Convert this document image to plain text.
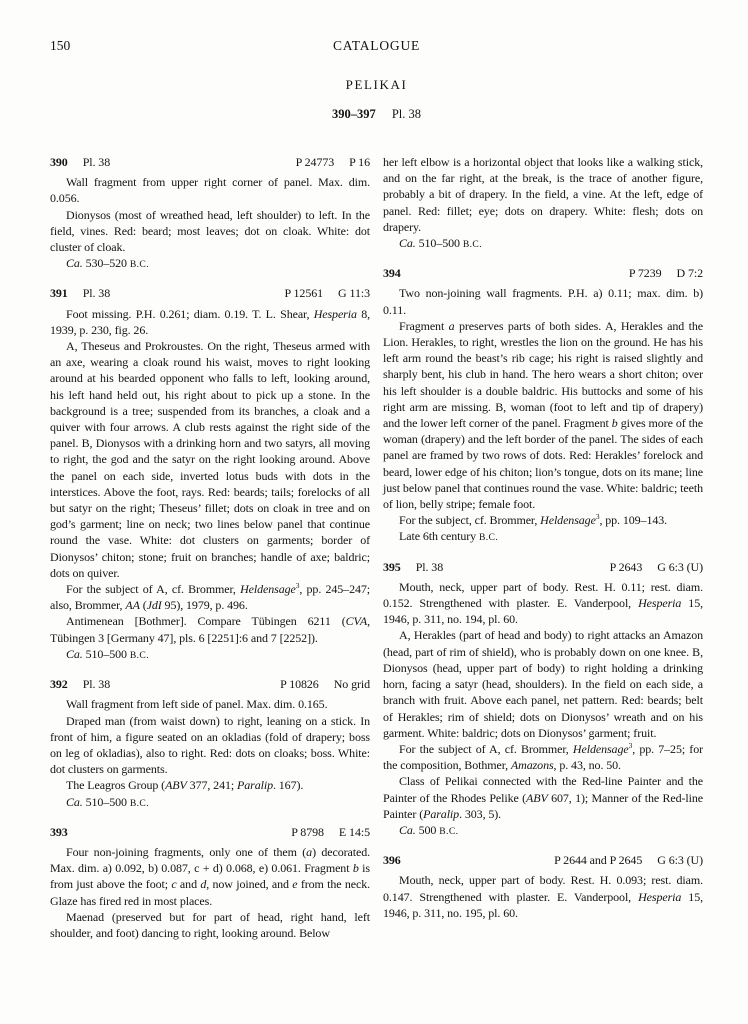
150	CATALOGUE
PELIKAI
390–397 Pl. 38
390 Pl. 38	P 24773 P 16

Wall fragment from upper right corner of panel. Max. dim. 0.056.

Dionysos (most of wreathed head, left shoulder) to left. In the field, vines. Red: beard; most leaves; dot on cloak. White: dot cluster of cloak.

Ca. 530–520 B.C.

391 Pl. 38	P 12561 G 11:3

Foot missing. P.H. 0.261; diam. 0.19. T. L. Shear, Hesperia 8, 1939, p. 230, fig. 26.

A, Theseus and Prokroustes. On the right, Theseus armed with an axe, wearing a cloak round his waist, moves to right looking around at his bearded opponent who falls to left, looking around, his left hand held out, his right about to pick up a stone. In the background is a tree; suspended from its branches, a cloak and a quiver with four arrows. A club rests against the right side of the panel. B, Dionysos with a drinking horn and two satyrs, all moving to right, the god and the satyr on the right looking around. Above the panel on each side, inverted lotus buds with dots in the interstices. Above the foot, rays. Red: beards; tails; forelocks of all but satyr on the right; Theseus’ fillet; dots on cloak in tree and on god’s garment; line on neck; two lines below panel that continue round the vase. White: dot clusters on garments; border of Dionysos’ chiton; stone; fruit on branches; handle of axe; baldric; dots on quiver.

For the subject of A, cf. Brommer, Heldensage$^3$, pp. 245–247; also, Brommer, AA (JdI 95), 1979, p. 496.

Antimenean [Bothmer]. Compare Tübingen 6211 (CVA, Tübingen 3 [Germany 47], pls. 6 [2251]:6 and 7 [2252]).

Ca. 510–500 B.C.

392 Pl. 38	P 10826 No grid

Wall fragment from left side of panel. Max. dim. 0.165.

Draped man (from waist down) to right, leaning on a stick. In front of him, a figure seated on an okladias (fold of drapery; boss on leg of okladias), also to right. Red: dots on cloaks; boss. White: dot clusters on garments.

The Leagros Group (ABV 377, 241; Paralip. 167).

Ca. 510–500 B.C.

393	P 8798 E 14:5

Four non-joining fragments, only one of them (a) decorated. Max. dim. a) 0.092, b) 0.087, c + d) 0.068, e) 0.061. Fragment b is from just above the foot; c and d, now joined, and e from the neck. Glaze has fired red in most places.

Maenad (preserved but for part of head, right hand, left shoulder, and foot) dancing to right, looking around. Below

her left elbow is a horizontal object that looks like a walking stick, and on the far right, at the break, is the trace of another figure, probably a bit of drapery. In the field, a vine. At the left, edge of panel. Red: fillet; eye; dots on drapery. White: flesh; dots on drapery.

Ca. 510–500 B.C.

394	P 7239 D 7:2

Two non-joining wall fragments. P.H. a) 0.11; max. dim. b) 0.11.

Fragment a preserves parts of both sides. A, Herakles and the Lion. Herakles, to right, wrestles the lion on the ground. He has his left arm round the beast’s rib cage; his right is raised slightly and sharply bent, his club in hand. The hero wears a short chiton; over his left shoulder is a double baldric. His buttocks and some of his right arm are missing. B, woman (foot to left and tip of drapery) and the lower left corner of the panel. Fragment b gives more of the woman (drapery) and the left border of the panel. The sides of each panel are framed by two rows of dots. Red: Herakles’ forelock and beard, lower edge of his chiton; lion’s tongue, dots on its mane; line just below panel that continues round the vase. White: baldric; teeth of lion, belly stripe; female foot.

For the subject, cf. Brommer, Heldensage$^3$, pp. 109–143.

Late 6th century B.C.

395 Pl. 38	P 2643 G 6:3 (U)

Mouth, neck, upper part of body. Rest. H. 0.11; rest. diam. 0.152. Strengthened with plaster. E. Vanderpool, Hesperia 15, 1946, p. 311, no. 194, pl. 60.

A, Herakles (part of head and body) to right attacks an Amazon (head, part of rim of shield), who is probably down on one knee. B, Dionysos (head, upper part of body) to right holding a drinking horn, facing a satyr (head, shoulders). In the field on each side, a branch with fruit. Above each panel, net pattern. Red: beards; belt of Herakles; rim of shield; dots on Dionysos’ wreath and on his garment. White: baldric; dots on Dionysos’ garment; fruit.

For the subject of A, cf. Brommer, Heldensage$^3$, pp. 7–25; for the composition, Bothmer, Amazons, p. 43, no. 50.

Class of Pelikai connected with the Red-line Painter and the Painter of the Rhodes Pelike (ABV 607, 1); Manner of the Red-line Painter (Paralip. 303, 5).

Ca. 500 B.C.

396	P 2644 and P 2645 G 6:3 (U)

Mouth, neck, upper part of body. Rest. H. 0.093; rest. diam. 0.147. Strengthened with plaster. E. Vanderpool, Hesperia 15, 1946, p. 311, no. 195, pl. 60.
